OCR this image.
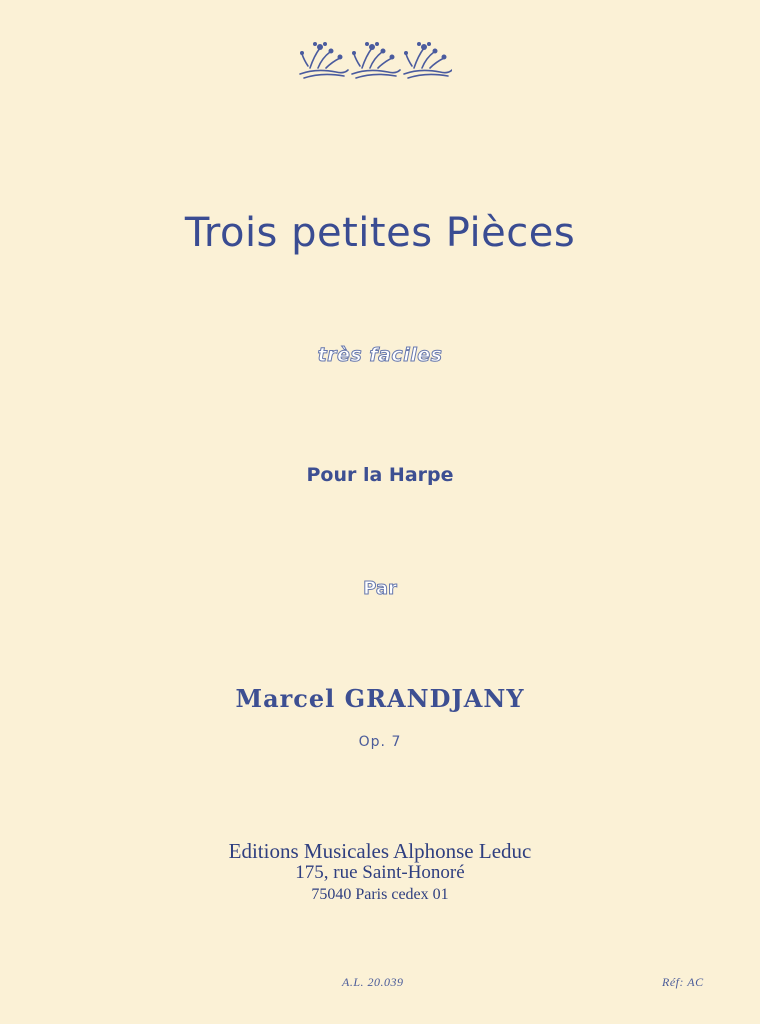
Trois petites Pièces
très faciles
Pour la Harpe
Par
Marcel GRANDJANY
Op. 7
Editions Musicales Alphonse Leduc
175, rue Saint-Honoré
75040 Paris cedex 01
A.L. 20.039	Réf: AC
